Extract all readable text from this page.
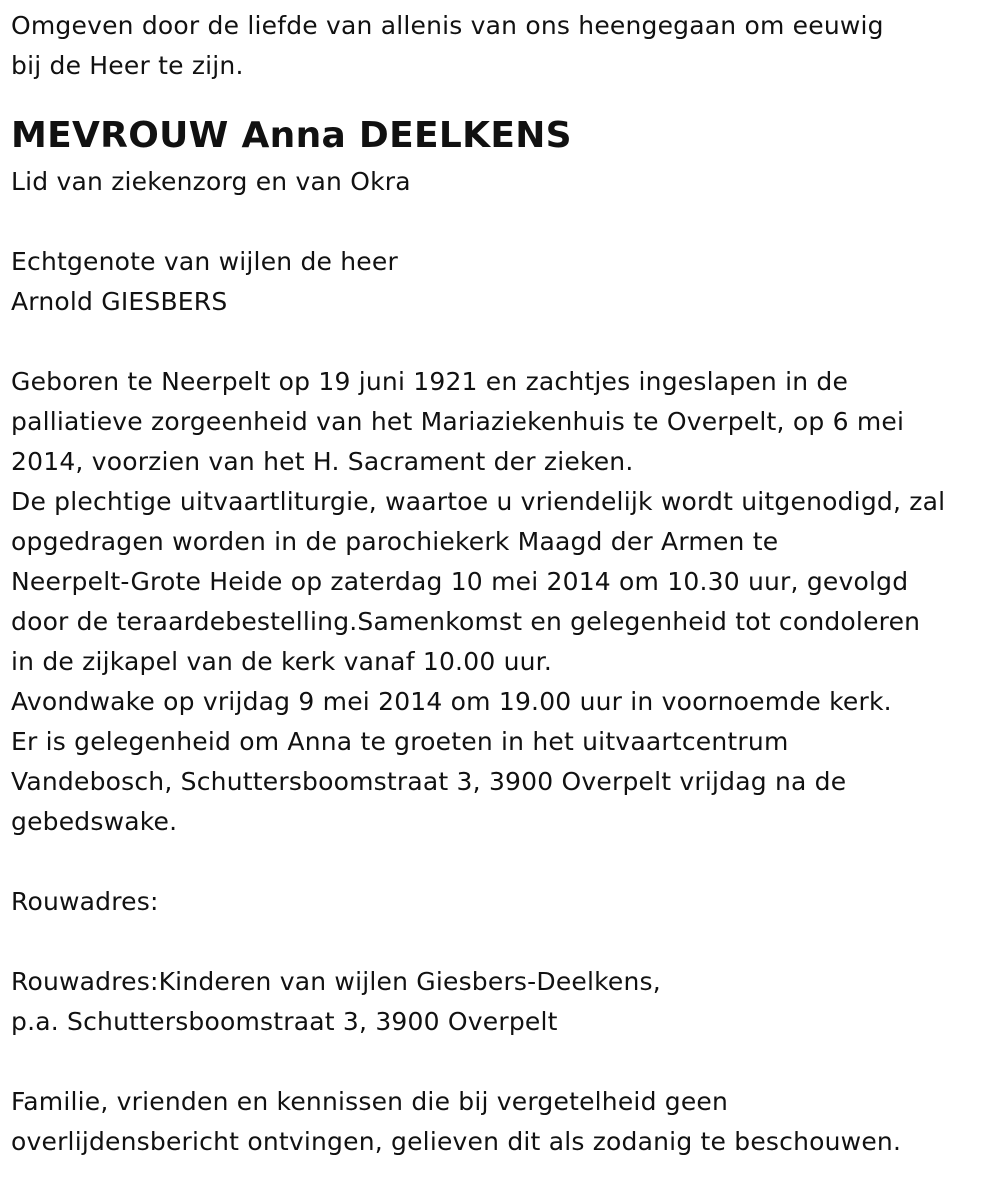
Omgeven door de liefde van allenis van ons heengegaan om eeuwig
bij de Heer te zijn.
MEVROUW Anna DEELKENS
Lid van ziekenzorg en van Okra
Echtgenote van wijlen de heer
Arnold GIESBERS
Geboren te Neerpelt op 19 juni 1921 en zachtjes ingeslapen in de
palliatieve zorgeenheid van het Mariaziekenhuis te Overpelt, op 6 mei
2014, voorzien van het H. Sacrament der zieken.
De plechtige uitvaartliturgie, waartoe u vriendelijk wordt uitgenodigd, zal
opgedragen worden in de parochiekerk Maagd der Armen te
Neerpelt-Grote Heide op zaterdag 10 mei 2014 om 10.30 uur, gevolgd
door de teraardebestelling.Samenkomst en gelegenheid tot condoleren
in de zijkapel van de kerk vanaf 10.00 uur.
Avondwake op vrijdag 9 mei 2014 om 19.00 uur in voornoemde kerk.
Er is gelegenheid om Anna te groeten in het uitvaartcentrum
Vandebosch, Schuttersboomstraat 3, 3900 Overpelt vrijdag na de
gebedswake.
Rouwadres:
Rouwadres:Kinderen van wijlen Giesbers-Deelkens,
p.a. Schuttersboomstraat 3, 3900 Overpelt
Familie, vrienden en kennissen die bij vergetelheid geen
overlijdensbericht ontvingen, gelieven dit als zodanig te beschouwen.
